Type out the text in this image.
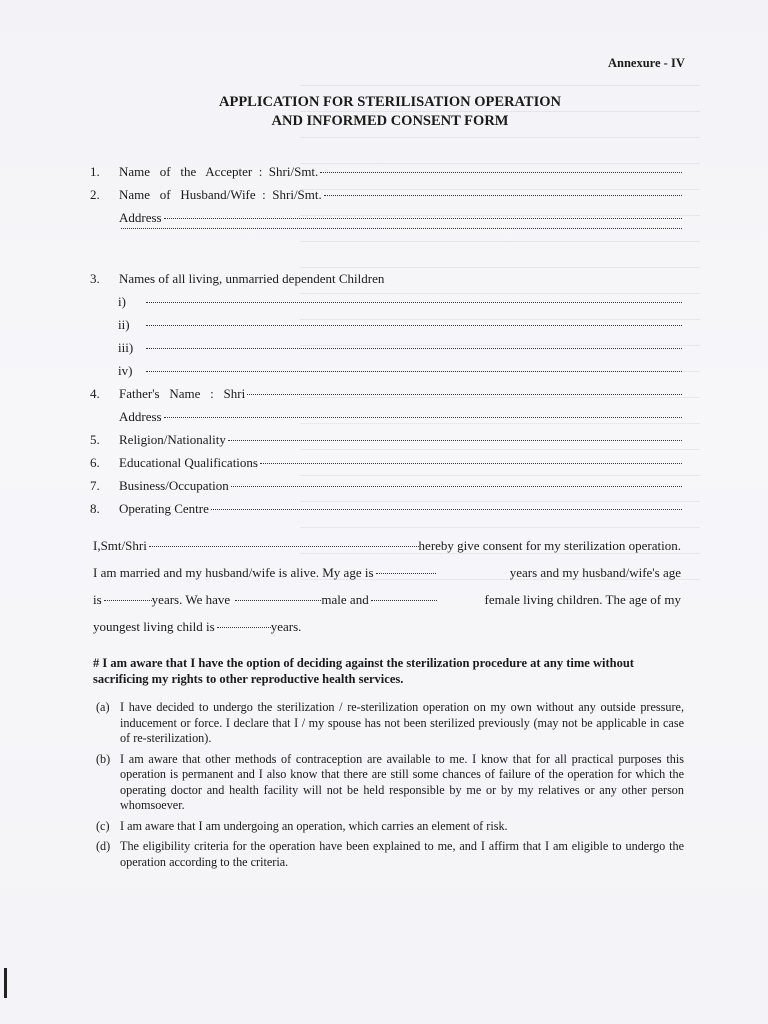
Annexure - IV
APPLICATION FOR STERILISATION OPERATION
AND INFORMED CONSENT FORM
1.	Name   of   the   Accepter  :  Shri/Smt.
2.	Name   of   Husband/Wife  :  Shri/Smt.
Address
3.	Names of all living, unmarried dependent Children
i)
ii)
iii)
iv)
4.	Father's   Name   :   Shri
Address
5.	Religion/Nationality
6.	Educational Qualifications
7.	Business/Occupation
8.	Operating Centre
I,Smt/Shri	hereby give consent for my sterilization operation.
I am married and my husband/wife is alive. My age is	years and my husband/wife's age
is	years. We have	male and	female living children. The age of my
youngest living child is	years.
# I am aware that I have the option of deciding against the sterilization procedure at any time without sacrificing my rights to other reproductive health services.
(a) I have decided to undergo the sterilization / re-sterilization operation on my own without any outside pressure, inducement or force. I declare that I / my spouse has not been sterilized previously (may not be applicable in case of re-sterilization).
(b) I am aware that other methods of contraception are available to me. I know that for all practical purposes this operation is permanent and I also know that there are still some chances of failure of the operation for which the operating doctor and health facility will not be held responsible by me or by my relatives or any other person whomsoever.
(c) I am aware that I am undergoing an operation, which carries an element of risk.
(d) The eligibility criteria for the operation have been explained to me, and I affirm that I am eligible to undergo the operation according to the criteria.
